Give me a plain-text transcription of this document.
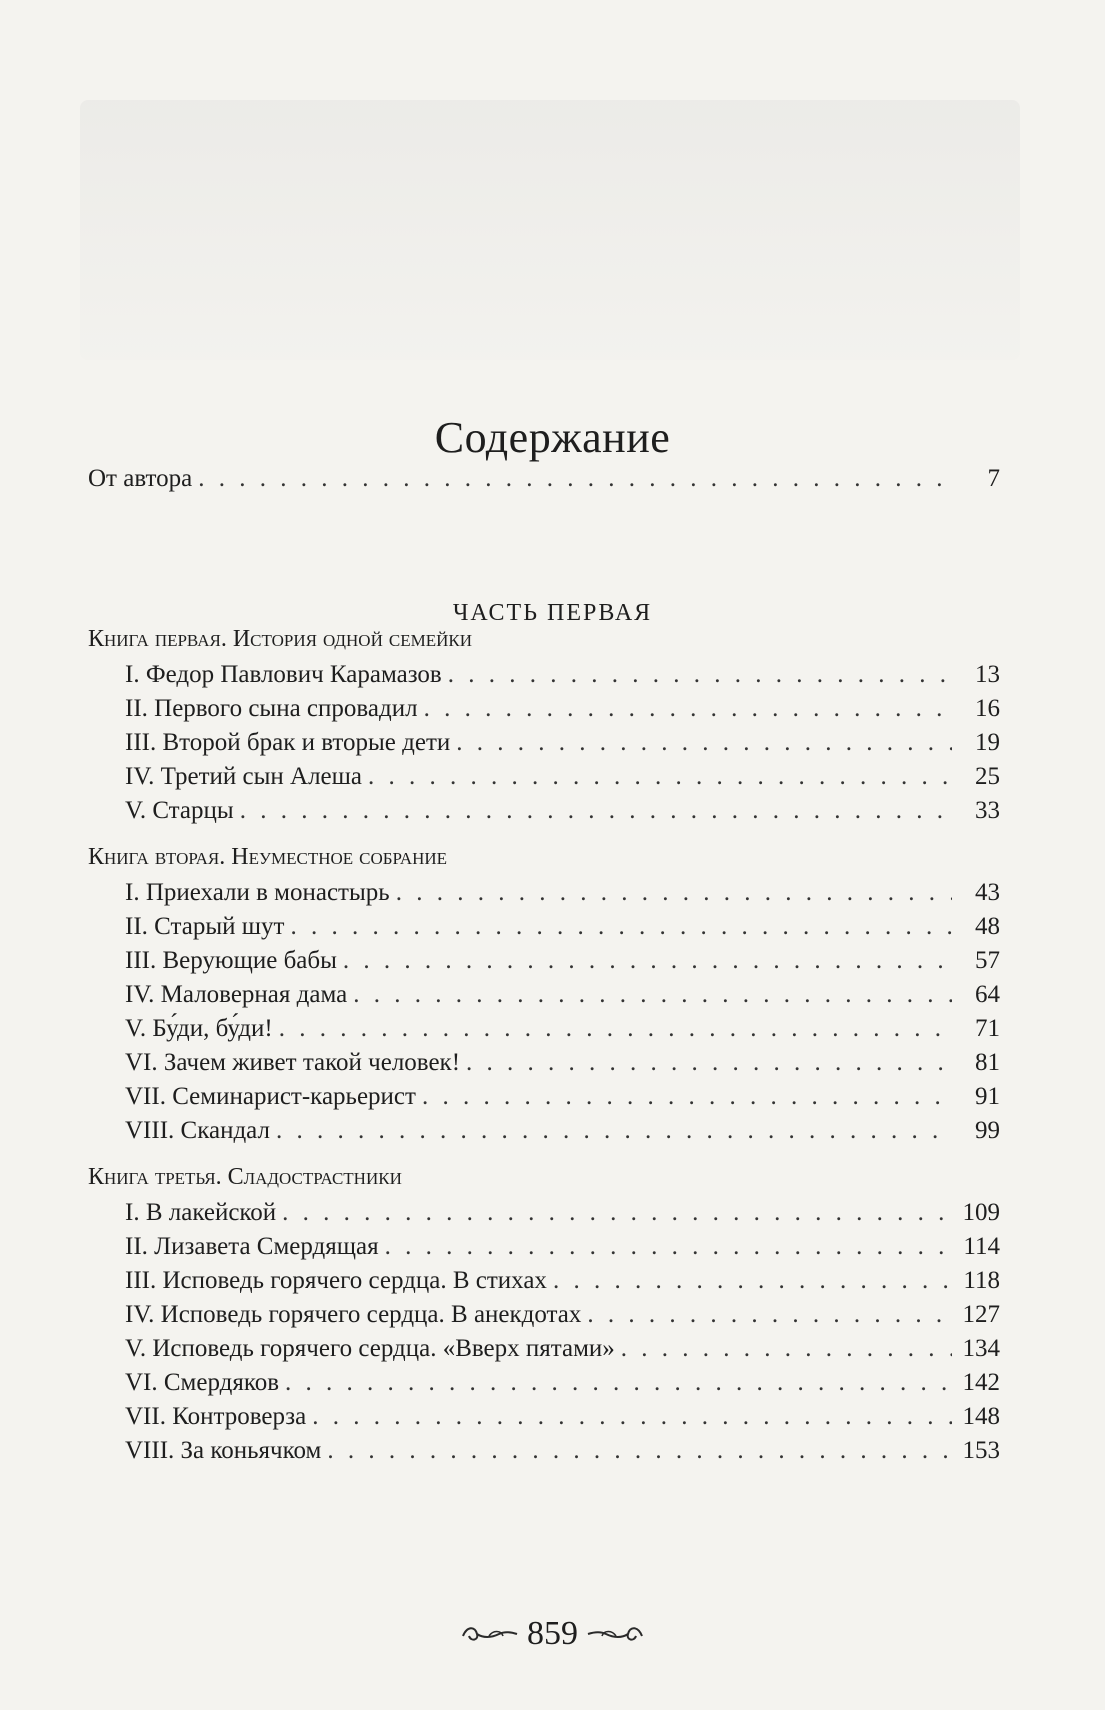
Содержание
От автора . . .	7
ЧАСТЬ ПЕРВАЯ
Книга первая. История одной семейки
I. Федор Павлович Карамазов . . .	13
II. Первого сына спровадил . . .	16
III. Второй брак и вторые дети . . .	19
IV. Третий сын Алеша . . .	25
V. Старцы . . .	33
Книга вторая. Неуместное собрание
I. Приехали в монастырь . . .	43
II. Старый шут . . .	48
III. Верующие бабы . . .	57
IV. Маловерная дама . . .	64
V. Бу́ди, бу́ди! . . .	71
VI. Зачем живет такой человек! . . .	81
VII. Семинарист-карьерист . . .	91
VIII. Скандал . . .	99
Книга третья. Сладострастники
I. В лакейской . . .	109
II. Лизавета Смердящая . . .	114
III. Исповедь горячего сердца. В стихах . . .	118
IV. Исповедь горячего сердца. В анекдотах . . .	127
V. Исповедь горячего сердца. «Вверх пятами» . . .	134
VI. Смердяков . . .	142
VII. Контроверза . . .	148
VIII. За коньячком . . .	153
859
